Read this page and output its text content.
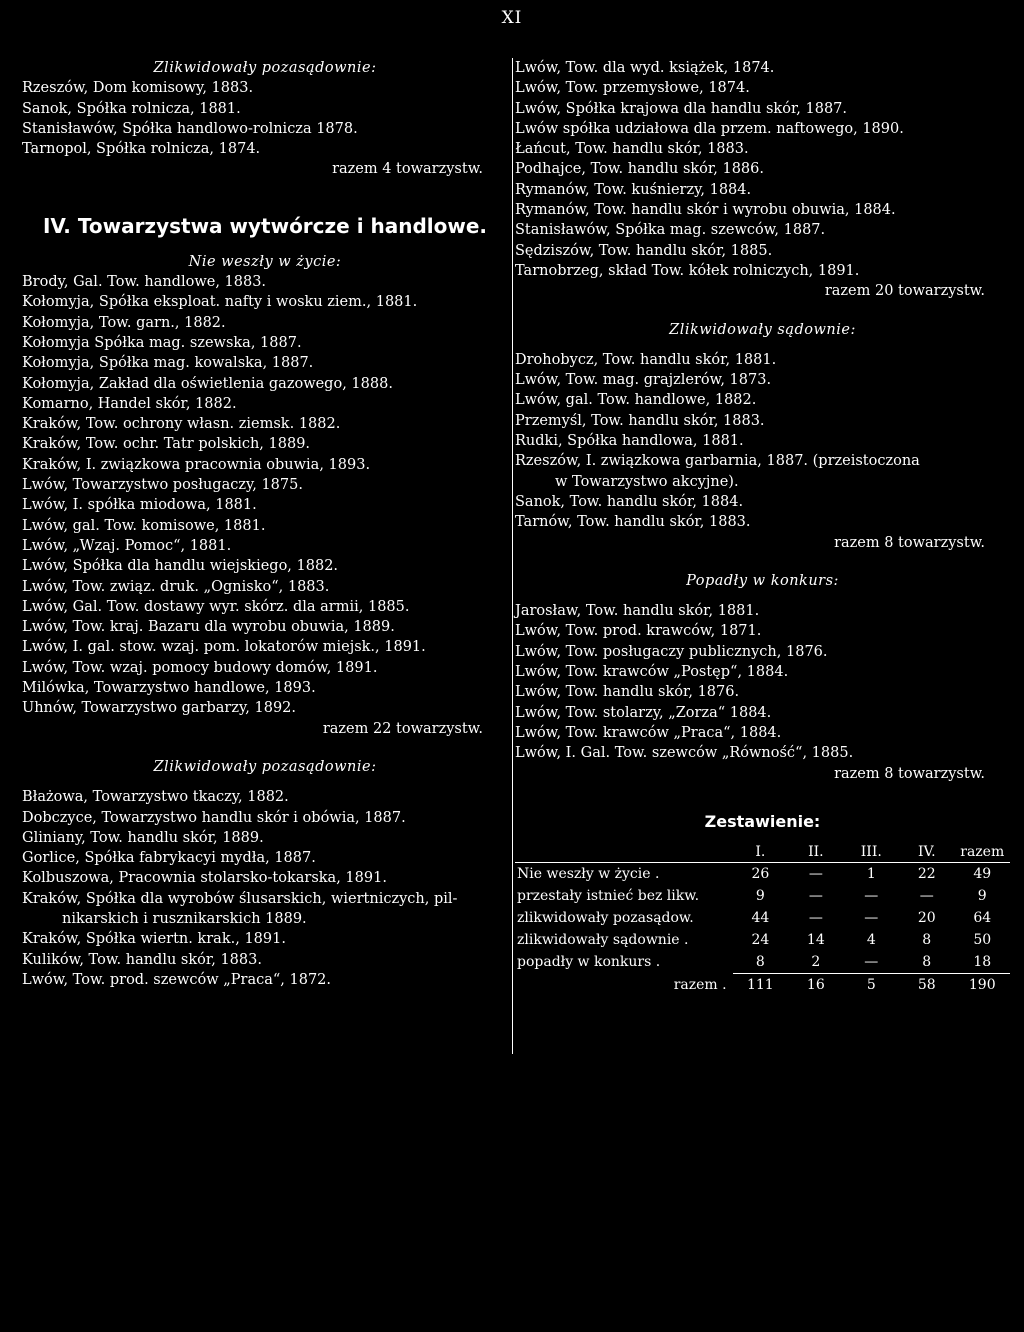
XI
Zlikwidowały pozasądownie:
Rzeszów, Dom komisowy, 1883.
Sanok, Spółka rolnicza, 1881.
Stanisławów, Spółka handlowo-rolnicza 1878.
Tarnopol, Spółka rolnicza, 1874.
razem 4 towarzystw.
IV. Towarzystwa wytwórcze i handlowe.
Nie weszły w życie:
Brody, Gal. Tow. handlowe, 1883.
Kołomyja, Spółka eksploat. nafty i wosku ziem., 1881.
Kołomyja, Tow. garn., 1882.
Kołomyja Spółka mag. szewska, 1887.
Kołomyja, Spółka mag. kowalska, 1887.
Kołomyja, Zakład dla oświetlenia gazowego, 1888.
Komarno, Handel skór, 1882.
Kraków, Tow. ochrony własn. ziemsk. 1882.
Kraków, Tow. ochr. Tatr polskich, 1889.
Kraków, I. związkowa pracownia obuwia, 1893.
Lwów, Towarzystwo posługaczy, 1875.
Lwów, I. spółka miodowa, 1881.
Lwów, gal. Tow. komisowe, 1881.
Lwów, „Wzaj. Pomoc“, 1881.
Lwów, Spółka dla handlu wiejskiego, 1882.
Lwów, Tow. związ. druk. „Ognisko“, 1883.
Lwów, Gal. Tow. dostawy wyr. skórz. dla armii, 1885.
Lwów, Tow. kraj. Bazaru dla wyrobu obuwia, 1889.
Lwów, I. gal. stow. wzaj. pom. lokatorów miejsk., 1891.
Lwów, Tow. wzaj. pomocy budowy domów, 1891.
Milówka, Towarzystwo handlowe, 1893.
Uhnów, Towarzystwo garbarzy, 1892.
razem 22 towarzystw.
Zlikwidowały pozasądownie:
Błażowa, Towarzystwo tkaczy, 1882.
Dobczyce, Towarzystwo handlu skór i obówia, 1887.
Gliniany, Tow. handlu skór, 1889.
Gorlice, Spółka fabrykacyi mydła, 1887.
Kolbuszowa, Pracownia stolarsko-tokarska, 1891.
Kraków, Spółka dla wyrobów ślusarskich, wiertniczych, pil-
nikarskich i rusznikarskich 1889.
Kraków, Spółka wiertn. krak., 1891.
Kulików, Tow. handlu skór, 1883.
Lwów, Tow. prod. szewców „Praca“, 1872.
Lwów, Tow. dla wyd. książek, 1874.
Lwów, Tow. przemysłowe, 1874.
Lwów, Spółka krajowa dla handlu skór, 1887.
Lwów spółka udziałowa dla przem. naftowego, 1890.
Łańcut, Tow. handlu skór, 1883.
Podhajce, Tow. handlu skór, 1886.
Rymanów, Tow. kuśnierzy, 1884.
Rymanów, Tow. handlu skór i wyrobu obuwia, 1884.
Stanisławów, Spółka mag. szewców, 1887.
Sędziszów, Tow. handlu skór, 1885.
Tarnobrzeg, skład Tow. kółek rolniczych, 1891.
razem 20 towarzystw.
Zlikwidowały sądownie:
Drohobycz, Tow. handlu skór, 1881.
Lwów, Tow. mag. grajzlerów, 1873.
Lwów, gal. Tow. handlowe, 1882.
Przemyśl, Tow. handlu skór, 1883.
Rudki, Spółka handlowa, 1881.
Rzeszów, I. związkowa garbarnia, 1887. (przeistoczona
w Towarzystwo akcyjne).
Sanok, Tow. handlu skór, 1884.
Tarnów, Tow. handlu skór, 1883.
razem 8 towarzystw.
Popadły w konkurs:
Jarosław, Tow. handlu skór, 1881.
Lwów, Tow. prod. krawców, 1871.
Lwów, Tow. posługaczy publicznych, 1876.
Lwów, Tow. krawców „Postęp“, 1884.
Lwów, Tow. handlu skór, 1876.
Lwów, Tow. stolarzy, „Zorza“ 1884.
Lwów, Tow. krawców „Praca“, 1884.
Lwów, I. Gal. Tow. szewców „Równość“, 1885.
razem 8 towarzystw.
Zestawienie:
	I.	II.	III.	IV.	razem
Nie weszły w życie .	26	—	1	22	49
przestały istnieć bez likw.	9	—	—	—	9
zlikwidowały pozasądow.	44	—	—	20	64
zlikwidowały sądownie .	24	14	4	8	50
popadły w konkurs .	8	2	—	8	18
razem .	111	16	5	58	190
